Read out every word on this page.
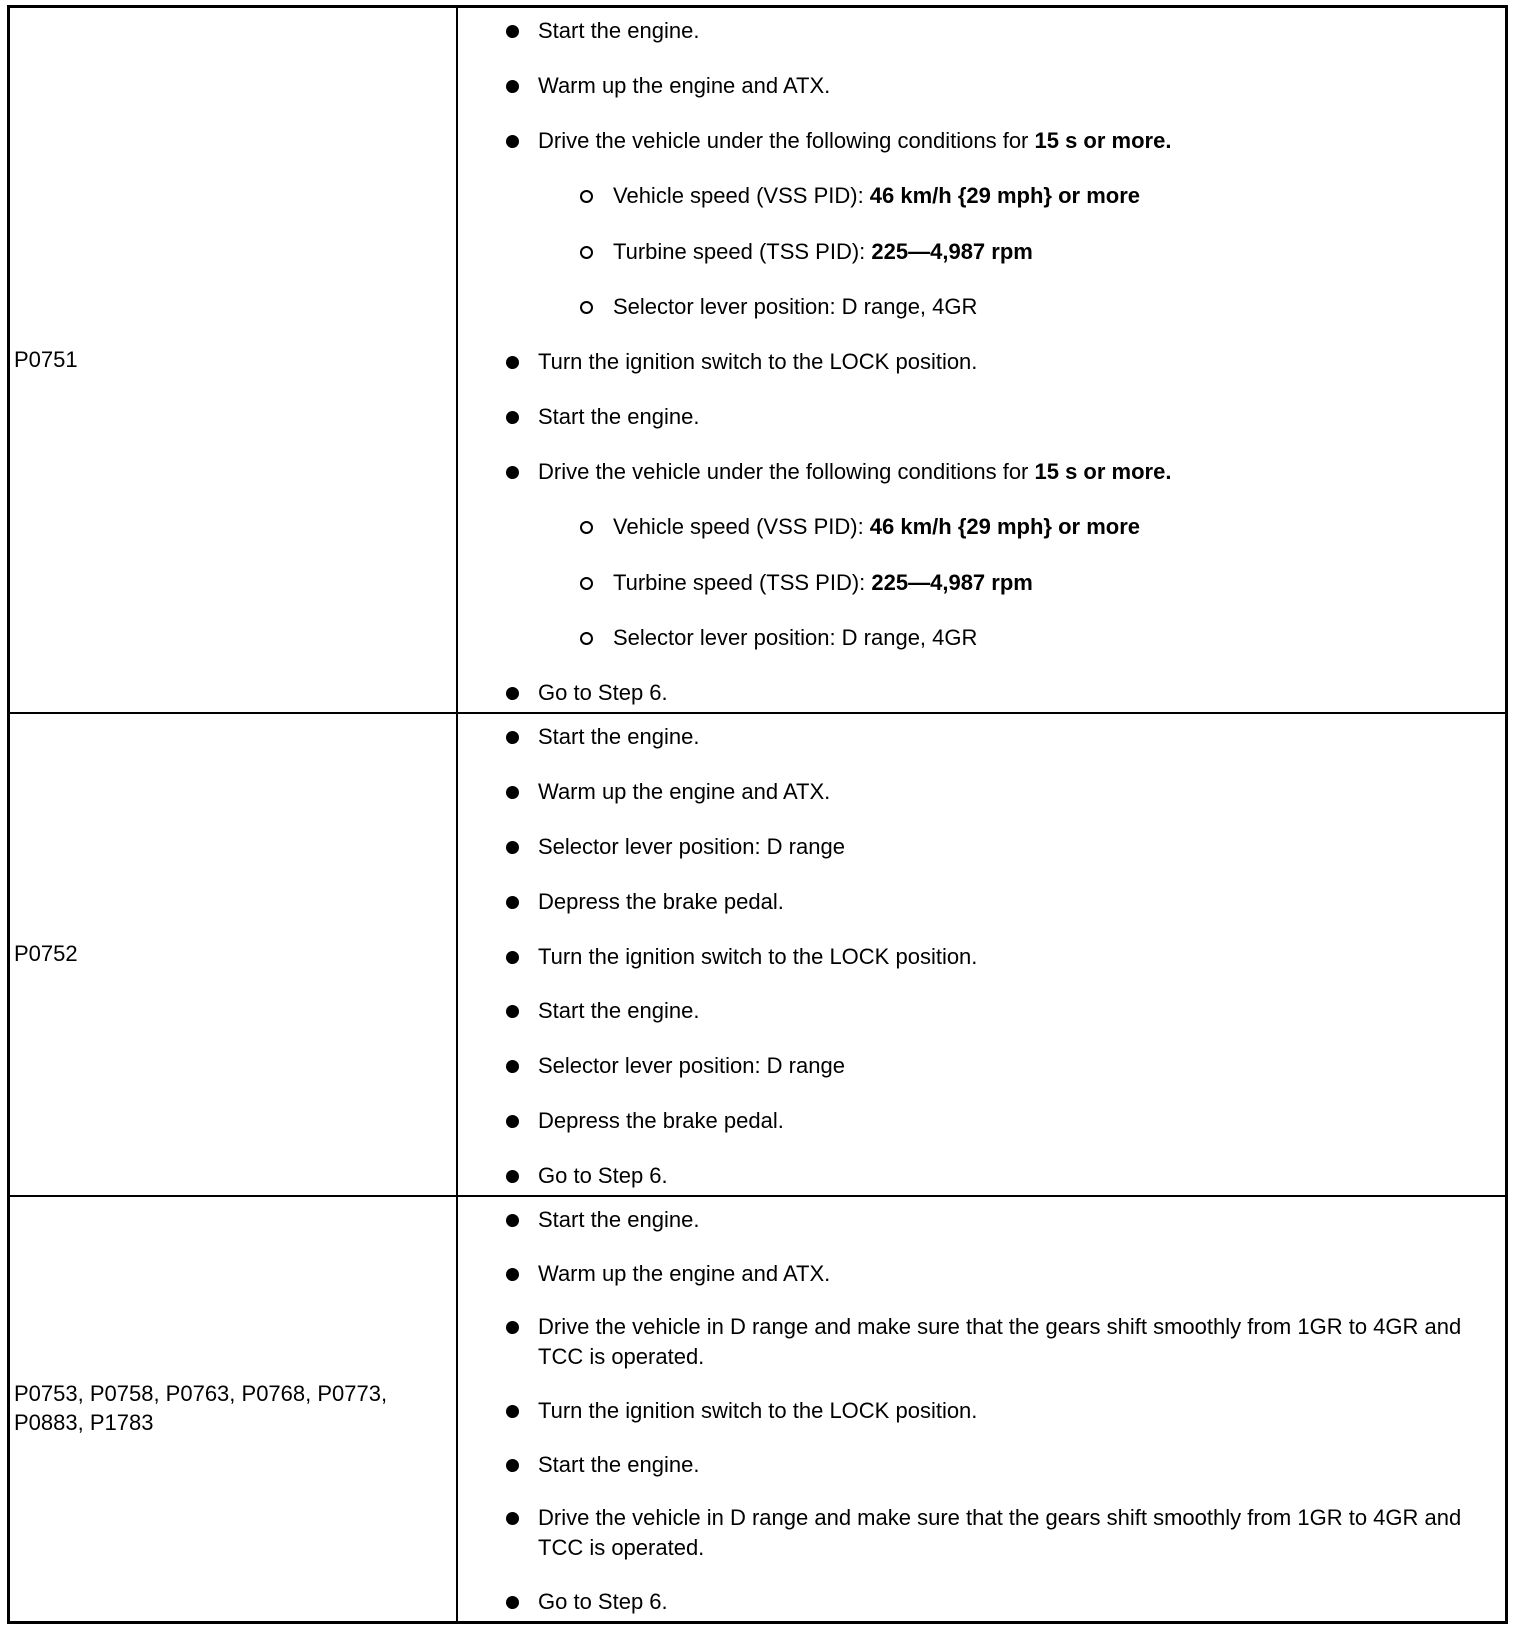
P0751
Start the engine.
Warm up the engine and ATX.
Drive the vehicle under the following conditions for 15 s or more.
Vehicle speed (VSS PID): 46 km/h {29 mph} or more
Turbine speed (TSS PID): 225—4,987 rpm
Selector lever position: D range, 4GR
Turn the ignition switch to the LOCK position.
Start the engine.
Drive the vehicle under the following conditions for 15 s or more.
Vehicle speed (VSS PID): 46 km/h {29 mph} or more
Turbine speed (TSS PID): 225—4,987 rpm
Selector lever position: D range, 4GR
Go to Step 6.
P0752
Start the engine.
Warm up the engine and ATX.
Selector lever position: D range
Depress the brake pedal.
Turn the ignition switch to the LOCK position.
Start the engine.
Selector lever position: D range
Depress the brake pedal.
Go to Step 6.
P0753, P0758, P0763, P0768, P0773, P0883, P1783
Start the engine.
Warm up the engine and ATX.
Drive the vehicle in D range and make sure that the gears shift smoothly from 1GR to 4GR and TCC is operated.
Turn the ignition switch to the LOCK position.
Start the engine.
Drive the vehicle in D range and make sure that the gears shift smoothly from 1GR to 4GR and TCC is operated.
Go to Step 6.
